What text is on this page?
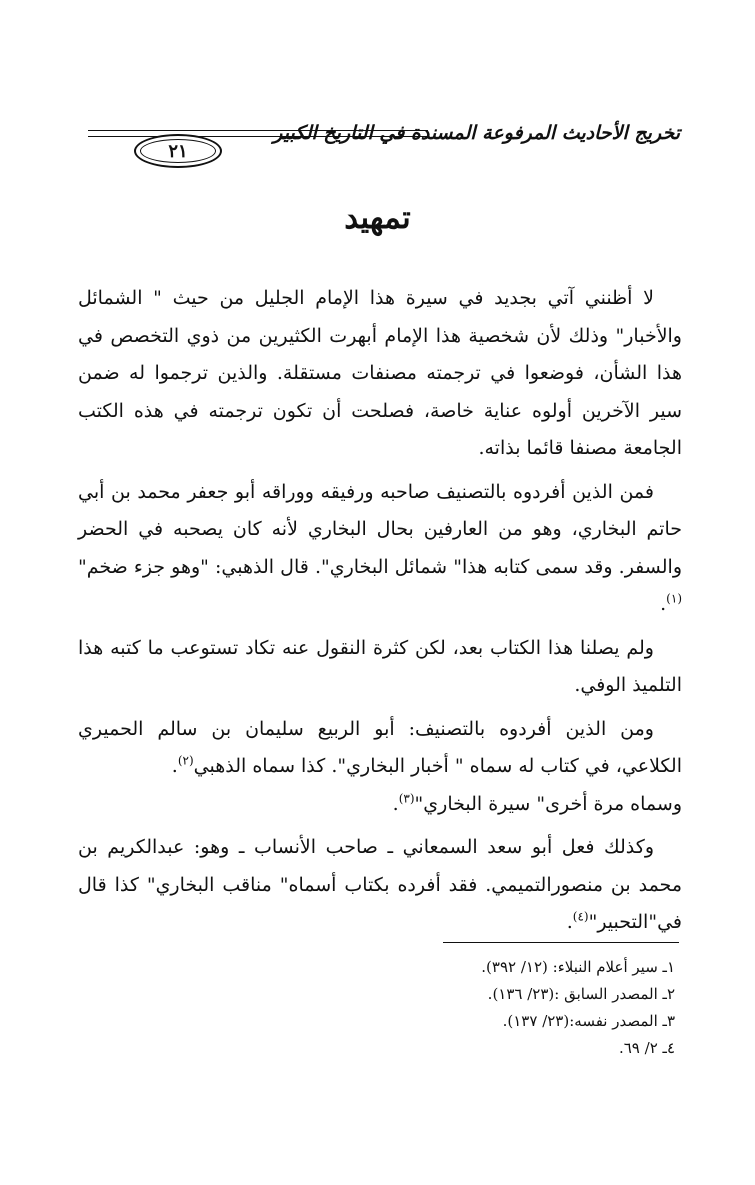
تخريج الأحاديث المرفوعة المسندة في التاريخ الكبير
٢١
تمهيد

لا أظنني آتي بجديد في سيرة هذا الإمام الجليل من حيث " الشمائل والأخبار" وذلك لأن شخصية هذا الإمام أبهرت الكثيرين من ذوي التخصص في هذا الشأن، فوضعوا في ترجمته مصنفات مستقلة. والذين ترجموا له ضمن سير الآخرين أولوه عناية خاصة، فصلحت أن تكون ترجمته في هذه الكتب الجامعة مصنفا قائما بذاته.

فمن الذين أفردوه بالتصنيف صاحبه ورفيقه ووراقه أبو جعفر محمد بن أبي حاتم البخاري، وهو من العارفين بحال البخاري لأنه كان يصحبه في الحضر والسفر. وقد سمى كتابه هذا" شمائل البخاري". قال الذهبي: "وهو جزء ضخم"$^{(١)}$.

ولم يصلنا هذا الكتاب بعد، لكن كثرة النقول عنه تكاد تستوعب ما كتبه هذا التلميذ الوفي.

ومن الذين أفردوه بالتصنيف: أبو الربيع سليمان بن سالم الحميري الكلاعي، في كتاب له سماه " أخبار البخاري". كذا سماه الذهبي$^{(٢)}$.

وسماه مرة أخرى" سيرة البخاري"$^{(٣)}$.

وكذلك فعل أبو سعد السمعاني ـ صاحب الأنساب ـ وهو: عبدالكريم بن محمد بن منصورالتميمي. فقد أفرده بكتاب أسماه" مناقب البخاري" كذا قال في"التحبير"$^{(٤)}$.

١ـ سير أعلام النبلاء: (١٢/ ٣٩٢).
٢ـ المصدر السابق :(٢٣/ ١٣٦).
٣ـ المصدر نفسه:(٢٣/ ١٣٧).
٤ـ ٢/ ٦٩.
